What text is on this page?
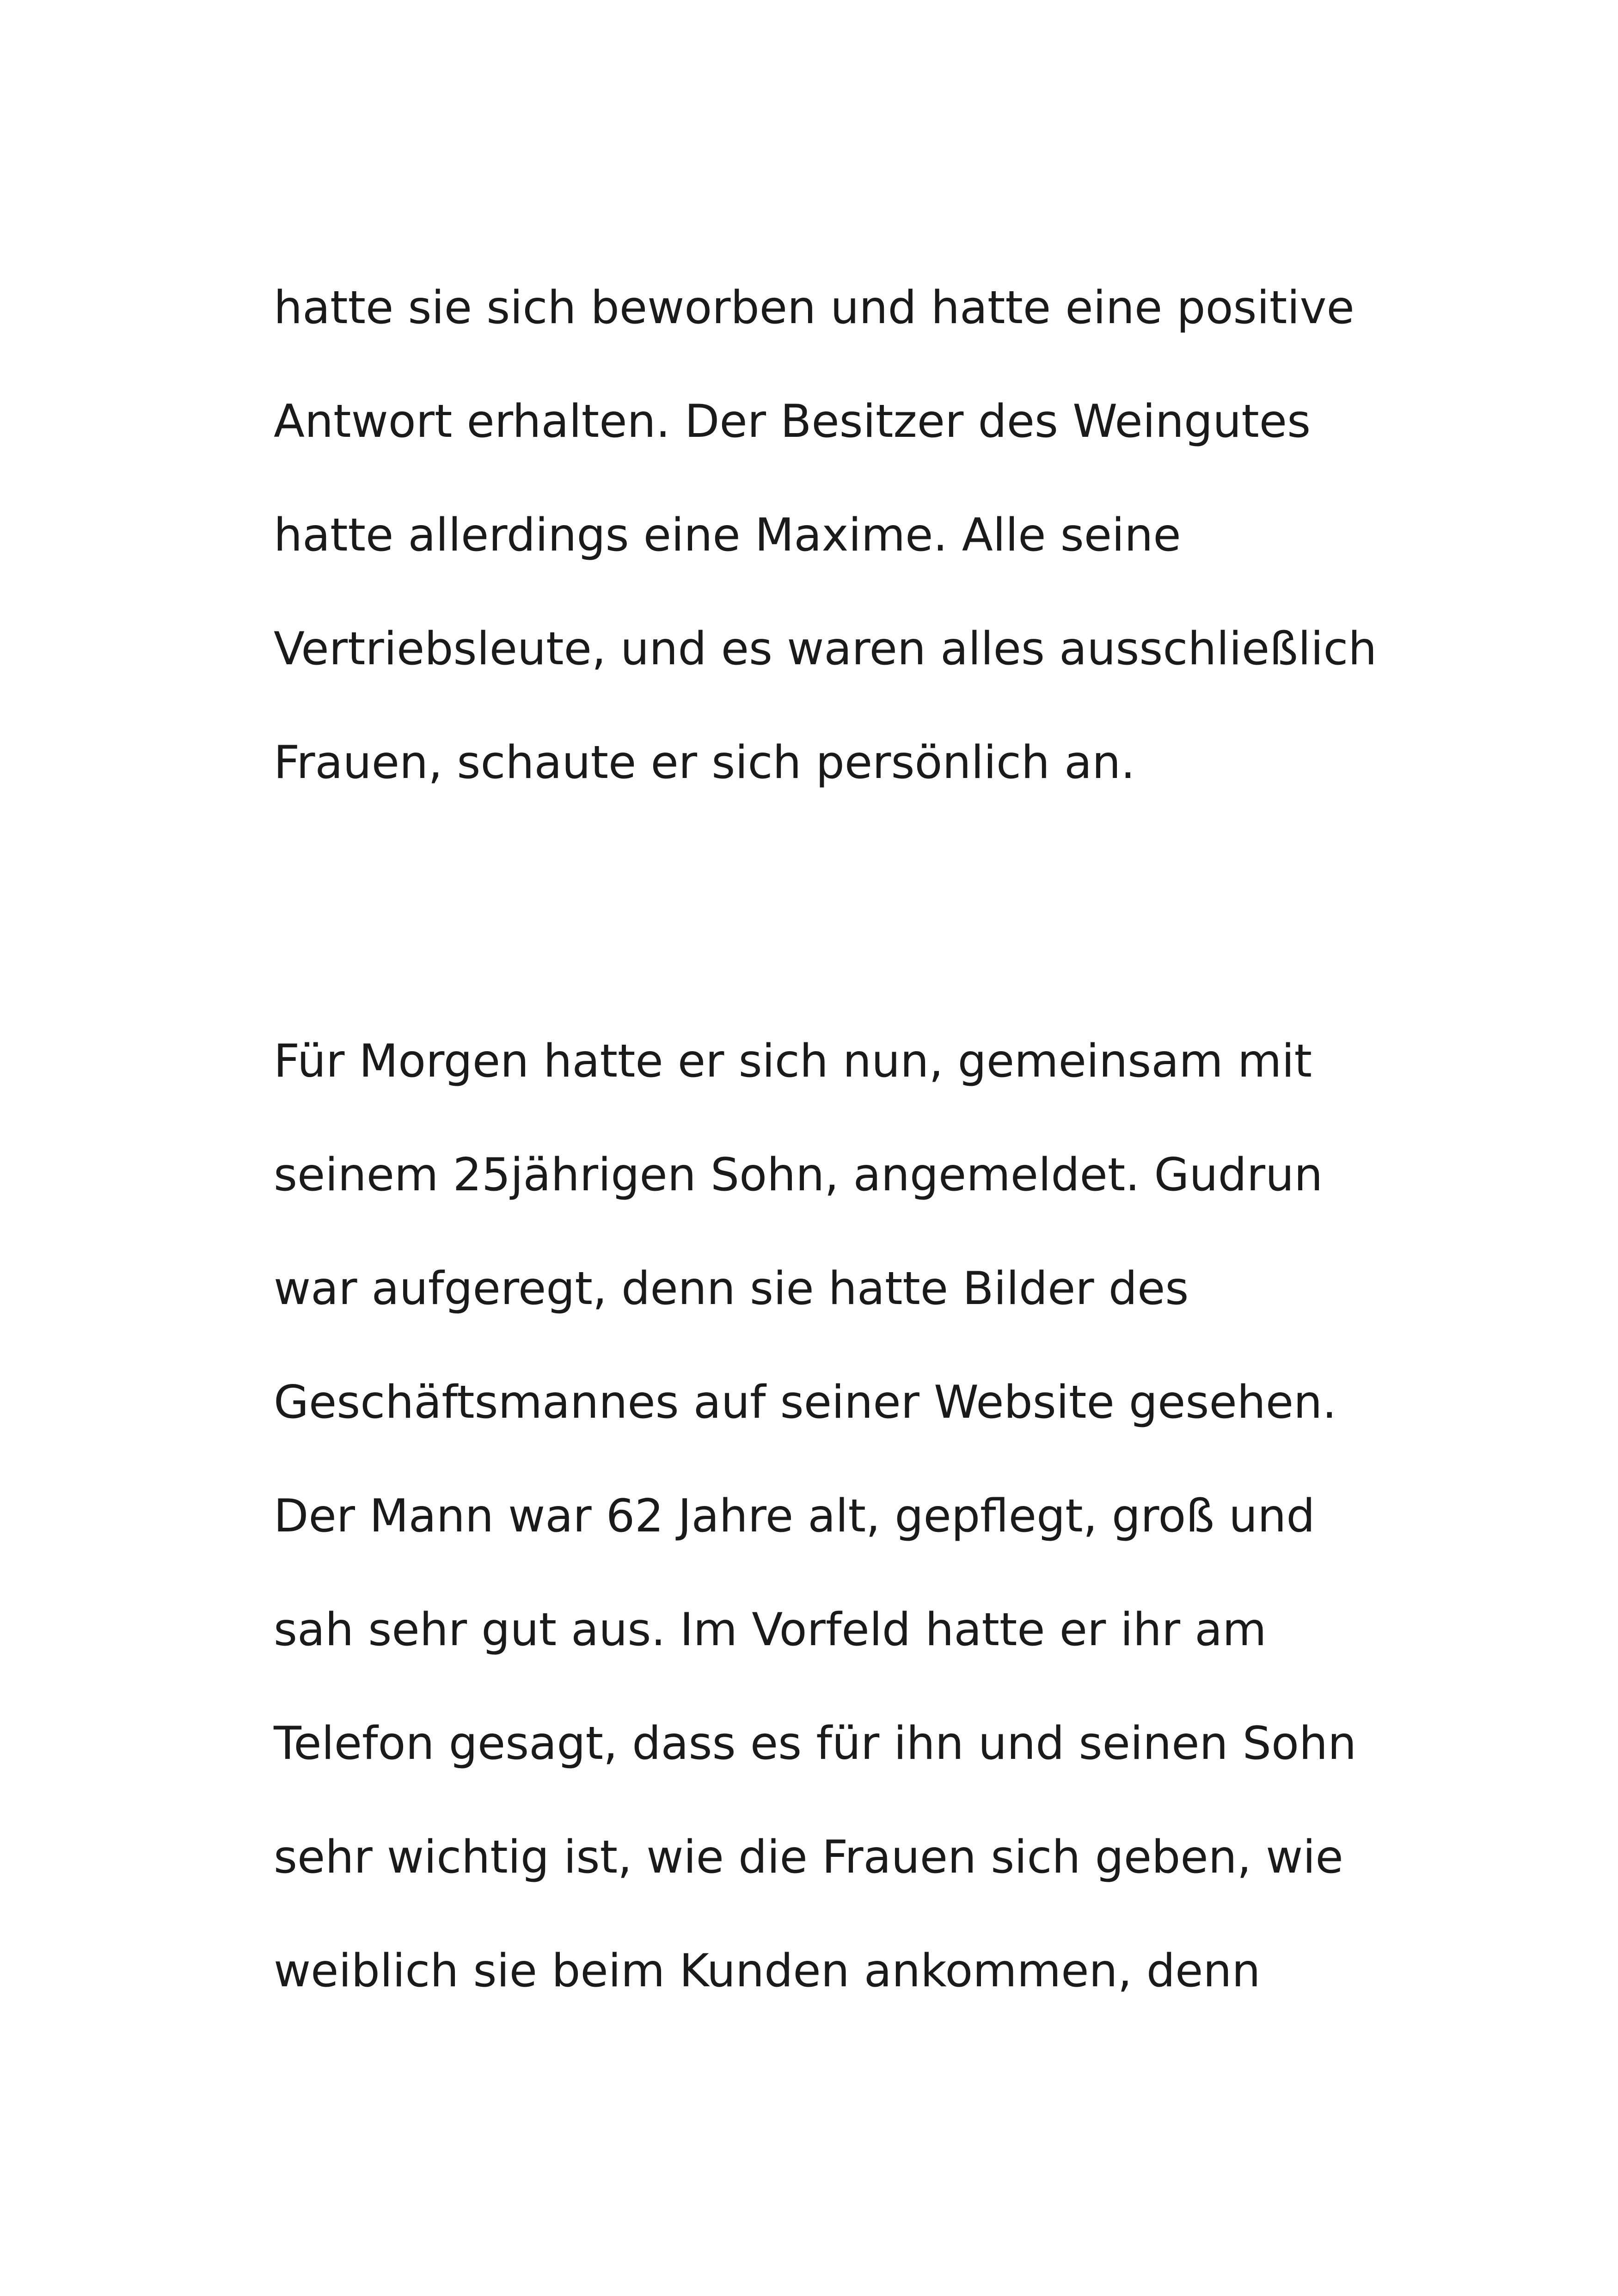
hatte sie sich beworben und hatte eine positive

Antwort erhalten. Der Besitzer des Weingutes

hatte allerdings eine Maxime. Alle seine

Vertriebsleute, und es waren alles ausschließlich

Frauen, schaute er sich persönlich an.

Für Morgen hatte er sich nun, gemeinsam mit

seinem 25jährigen Sohn, angemeldet. Gudrun

war aufgeregt, denn sie hatte Bilder des

Geschäftsmannes auf seiner Website gesehen.

Der Mann war 62 Jahre alt, gepflegt, groß und

sah sehr gut aus. Im Vorfeld hatte er ihr am

Telefon gesagt, dass es für ihn und seinen Sohn

sehr wichtig ist, wie die Frauen sich geben, wie

weiblich sie beim Kunden ankommen, denn
